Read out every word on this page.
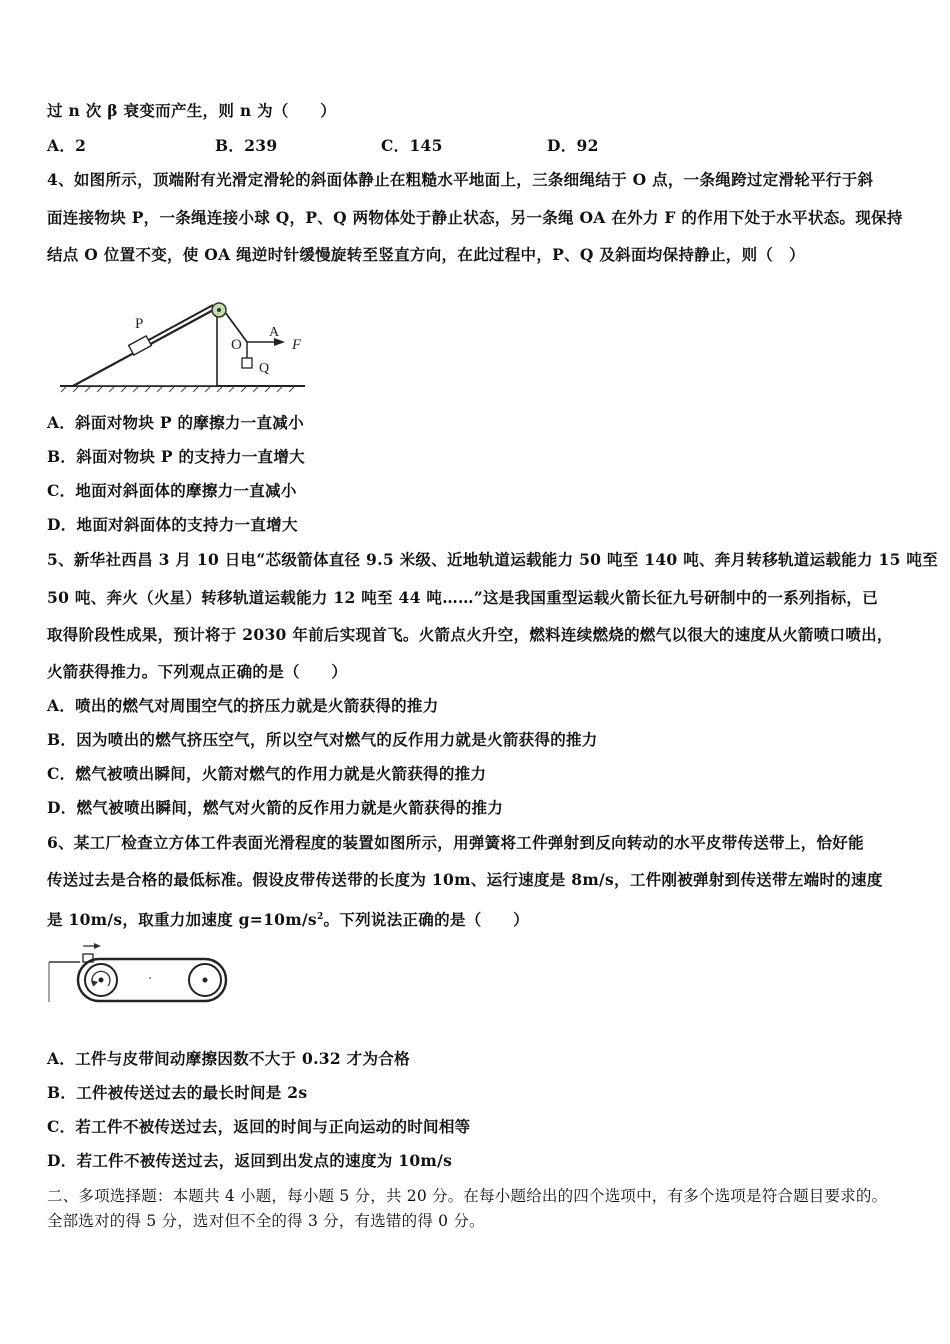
过 n 次 β 衰变而产生，则 n 为（　　）
A．2	B．239	C．145	D．92
4、如图所示，顶端附有光滑定滑轮的斜面体静止在粗糙水平地面上，三条细绳结于 O 点，一条绳跨过定滑轮平行于斜
面连接物块 P，一条绳连接小球 Q，P、Q 两物体处于静止状态，另一条绳 OA 在外力 F 的作用下处于水平状态。现保持
结点 O 位置不变，使 OA 绳逆时针缓慢旋转至竖直方向，在此过程中，P、Q 及斜面均保持静止，则（　）
P
O
A
F
Q
A．斜面对物块 P 的摩擦力一直减小
B．斜面对物块 P 的支持力一直增大
C．地面对斜面体的摩擦力一直减小
D．地面对斜面体的支持力一直增大
5、新华社西昌 3 月 10 日电“芯级箭体直径 9.5 米级、近地轨道运载能力 50 吨至 140 吨、奔月转移轨道运载能力 15 吨至
50 吨、奔火（火星）转移轨道运载能力 12 吨至 44 吨……”这是我国重型运载火箭长征九号研制中的一系列指标，已
取得阶段性成果，预计将于 2030 年前后实现首飞。火箭点火升空，燃料连续燃烧的燃气以很大的速度从火箭喷口喷出，
火箭获得推力。下列观点正确的是（　　）
A．喷出的燃气对周围空气的挤压力就是火箭获得的推力
B．因为喷出的燃气挤压空气，所以空气对燃气的反作用力就是火箭获得的推力
C．燃气被喷出瞬间，火箭对燃气的作用力就是火箭获得的推力
D．燃气被喷出瞬间，燃气对火箭的反作用力就是火箭获得的推力
6、某工厂检查立方体工件表面光滑程度的装置如图所示，用弹簧将工件弹射到反向转动的水平皮带传送带上，恰好能
传送过去是合格的最低标准。假设皮带传送带的长度为 10m、运行速度是 8m/s，工件刚被弹射到传送带左端时的速度
是 10m/s，取重力加速度 $g=10m/s^2$。下列说法正确的是（　　）
A．工件与皮带间动摩擦因数不大于 0.32 才为合格
B．工件被传送过去的最长时间是 2s
C．若工件不被传送过去，返回的时间与正向运动的时间相等
D．若工件不被传送过去，返回到出发点的速度为 10m/s
二、多项选择题：本题共 4 小题，每小题 5 分，共 20 分。在每小题给出的四个选项中，有多个选项是符合题目要求的。
全部选对的得 5 分，选对但不全的得 3 分，有选错的得 0 分。
